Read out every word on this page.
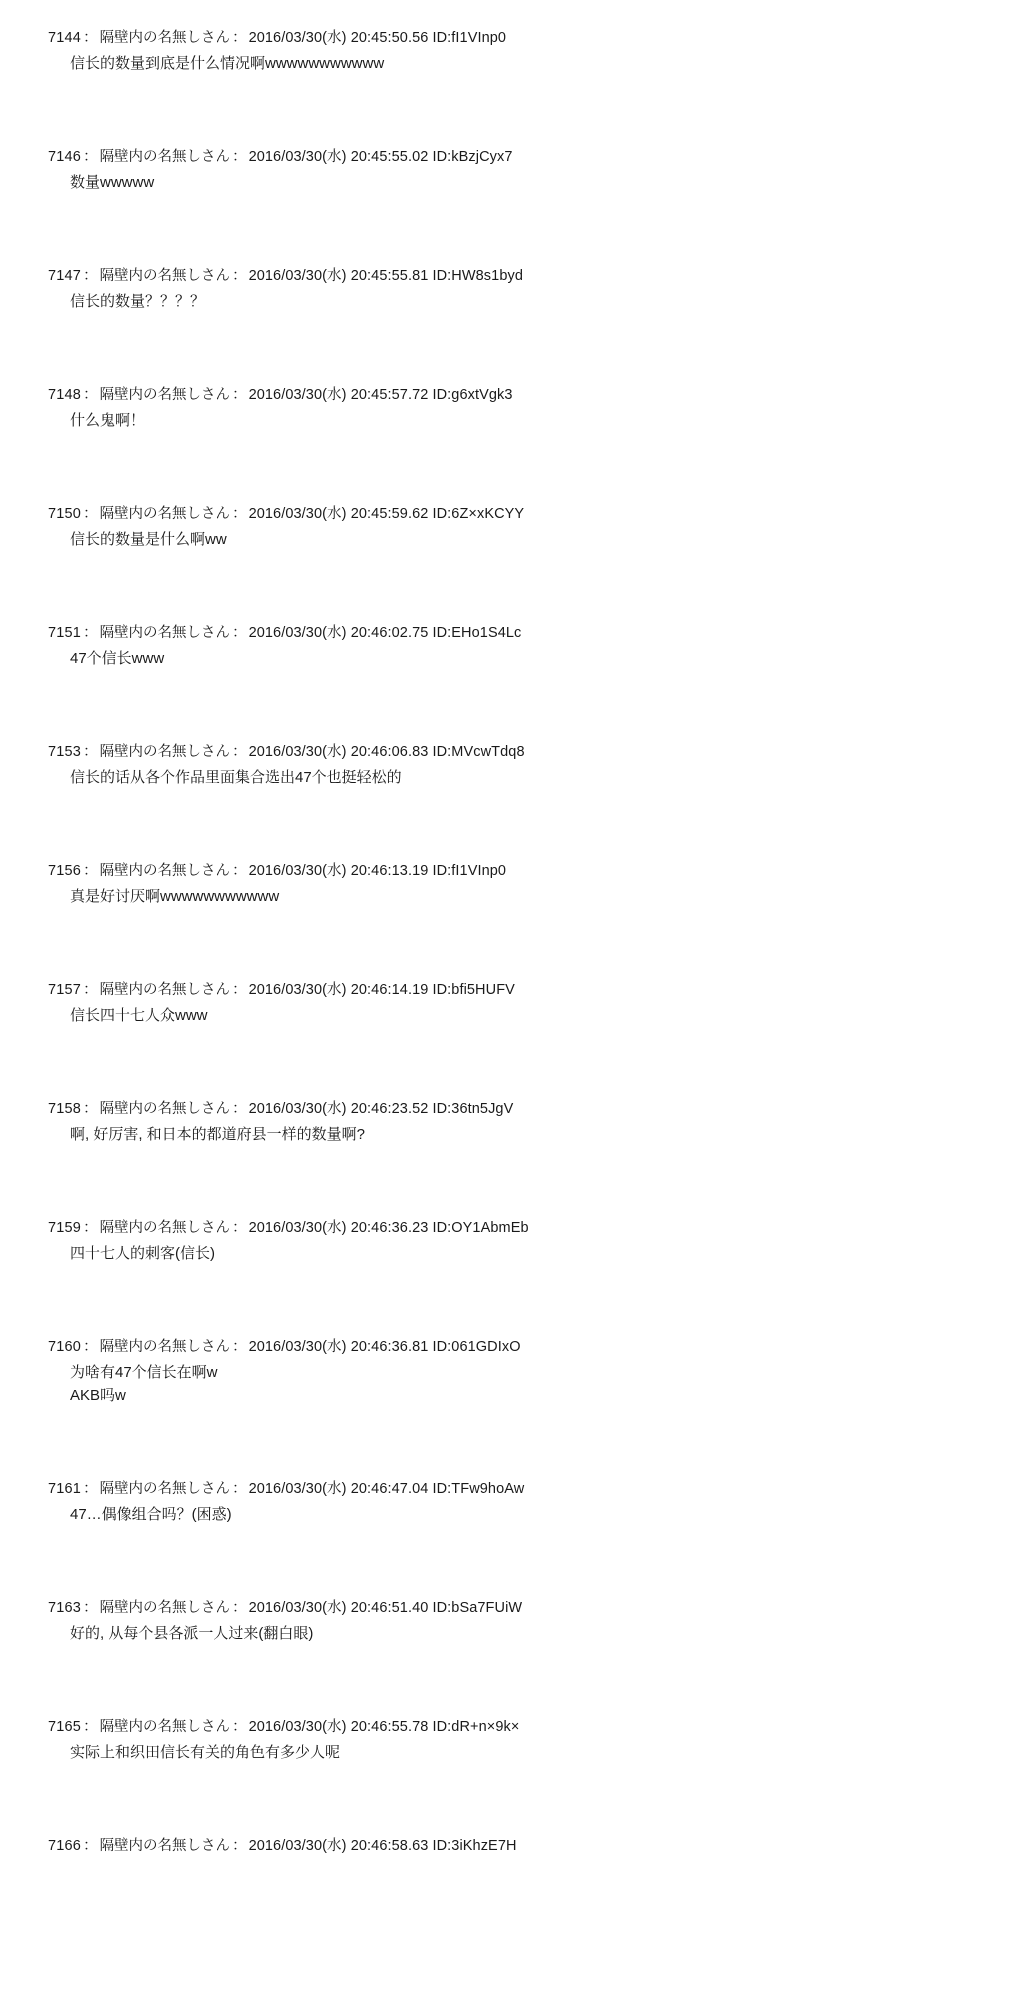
7144 ： 隔壁内の名無しさん ： 2016/03/30(水) 20:45:50.56 ID:fI1VInp0
信长的数量到底是什么情况啊wwwwwwwwwww
7146 ： 隔壁内の名無しさん ： 2016/03/30(水) 20:45:55.02 ID:kBzjCyx7
数量wwwww
7147 ： 隔壁内の名無しさん ： 2016/03/30(水) 20:45:55.81 ID:HW8s1byd
信长的数量？？？？
7148 ： 隔壁内の名無しさん ： 2016/03/30(水) 20:45:57.72 ID:g6xtVgk3
什么鬼啊！
7150 ： 隔壁内の名無しさん ： 2016/03/30(水) 20:45:59.62 ID:6Z×xKCYY
信长的数量是什么啊ww
7151 ： 隔壁内の名無しさん ： 2016/03/30(水) 20:46:02.75 ID:EHo1S4Lc
47个信长www
7153 ： 隔壁内の名無しさん ： 2016/03/30(水) 20:46:06.83 ID:MVcwTdq8
信长的话从各个作品里面集合选出47个也挺轻松的
7156 ： 隔壁内の名無しさん ： 2016/03/30(水) 20:46:13.19 ID:fI1VInp0
真是好讨厌啊wwwwwwwwwww
7157 ： 隔壁内の名無しさん ： 2016/03/30(水) 20:46:14.19 ID:bfi5HUFV
信长四十七人众www
7158 ： 隔壁内の名無しさん ： 2016/03/30(水) 20:46:23.52 ID:36tn5JgV
啊, 好厉害, 和日本的都道府县一样的数量啊?
7159 ： 隔壁内の名無しさん ： 2016/03/30(水) 20:46:36.23 ID:OY1AbmEb
四十七人的刺客(信长)
7160 ： 隔壁内の名無しさん ： 2016/03/30(水) 20:46:36.81 ID:061GDIxO
为啥有47个信长在啊w
AKB吗w
7161 ： 隔壁内の名無しさん ： 2016/03/30(水) 20:46:47.04 ID:TFw9hoAw
47…偶像组合吗？(困惑)
7163 ： 隔壁内の名無しさん ： 2016/03/30(水) 20:46:51.40 ID:bSa7FUiW
好的, 从每个县各派一人过来(翻白眼)
7165 ： 隔壁内の名無しさん ： 2016/03/30(水) 20:46:55.78 ID:dR+n×9k×
实际上和织田信长有关的角色有多少人呢
7166 ： 隔壁内の名無しさん ： 2016/03/30(水) 20:46:58.63 ID:3iKhzE7H
